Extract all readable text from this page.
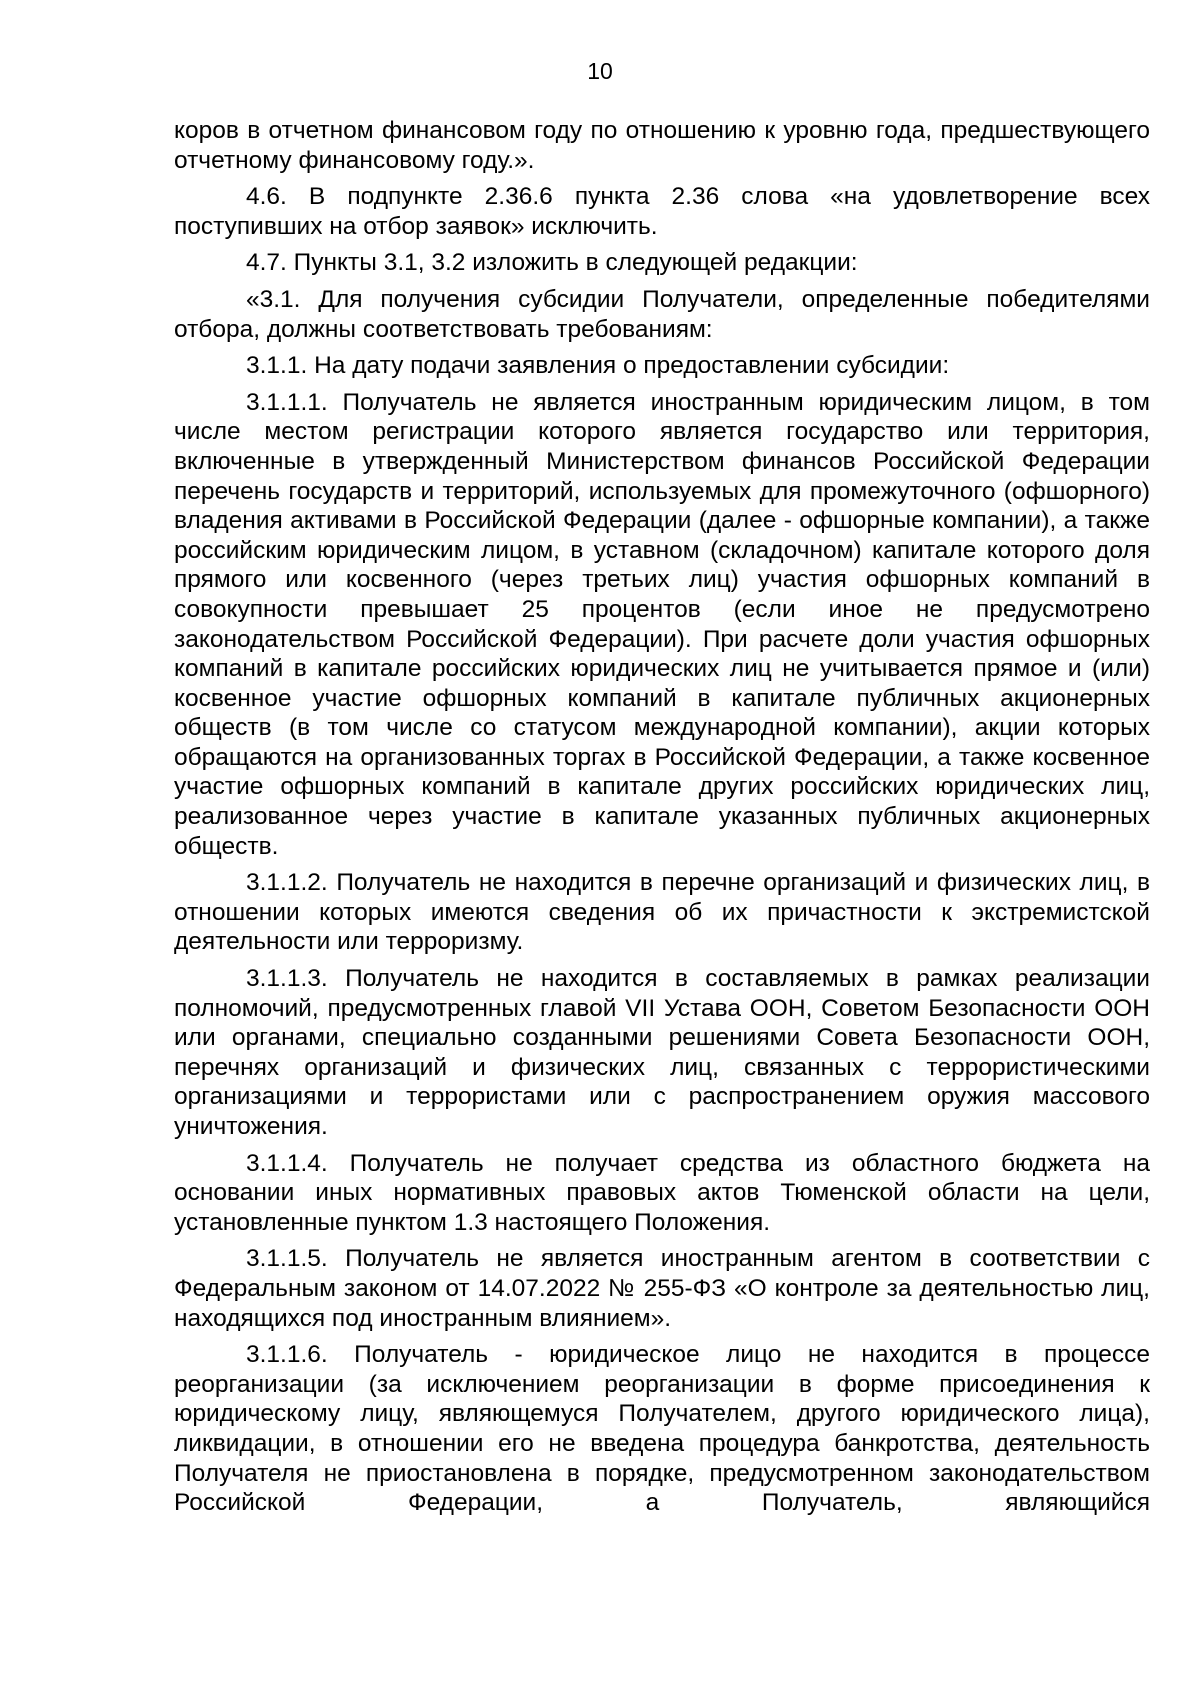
10

коров в отчетном финансовом году по отношению к уровню года, предшествующего отчетному финансовому году.».

4.6. В подпункте 2.36.6 пункта 2.36 слова «на удовлетворение всех поступивших на отбор заявок» исключить.

4.7. Пункты 3.1, 3.2 изложить в следующей редакции:

«3.1. Для получения субсидии Получатели, определенные победителями отбора, должны соответствовать требованиям:

3.1.1. На дату подачи заявления о предоставлении субсидии:

3.1.1.1. Получатель не является иностранным юридическим лицом, в том числе местом регистрации которого является государство или территория, включенные в утвержденный Министерством финансов Российской Федерации перечень государств и территорий, используемых для промежуточного (офшорного) владения активами в Российской Федерации (далее - офшорные компании), а также российским юридическим лицом, в уставном (складочном) капитале которого доля прямого или косвенного (через третьих лиц) участия офшорных компаний в совокупности превышает 25 процентов (если иное не предусмотрено законодательством Российской Федерации). При расчете доли участия офшорных компаний в капитале российских юридических лиц не учитывается прямое и (или) косвенное участие офшорных компаний в капитале публичных акционерных обществ (в том числе со статусом международной компании), акции которых обращаются на организованных торгах в Российской Федерации, а также косвенное участие офшорных компаний в капитале других российских юридических лиц, реализованное через участие в капитале указанных публичных акционерных обществ.

3.1.1.2. Получатель не находится в перечне организаций и физических лиц, в отношении которых имеются сведения об их причастности к экстремистской деятельности или терроризму.

3.1.1.3. Получатель не находится в составляемых в рамках реализации полномочий, предусмотренных главой VII Устава ООН, Советом Безопасности ООН или органами, специально созданными решениями Совета Безопасности ООН, перечнях организаций и физических лиц, связанных с террористическими организациями и террористами или с распространением оружия массового уничтожения.

3.1.1.4. Получатель не получает средства из областного бюджета на основании иных нормативных правовых актов Тюменской области на цели, установленные пунктом 1.3 настоящего Положения.

3.1.1.5. Получатель не является иностранным агентом в соответствии с Федеральным законом от 14.07.2022 № 255-ФЗ «О контроле за деятельностью лиц, находящихся под иностранным влиянием».

3.1.1.6. Получатель - юридическое лицо не находится в процессе реорганизации (за исключением реорганизации в форме присоединения к юридическому лицу, являющемуся Получателем, другого юридического лица), ликвидации, в отношении его не введена процедура банкротства, деятельность Получателя не приостановлена в порядке, предусмотренном законодательством Российской Федерации, а Получатель, являющийся
